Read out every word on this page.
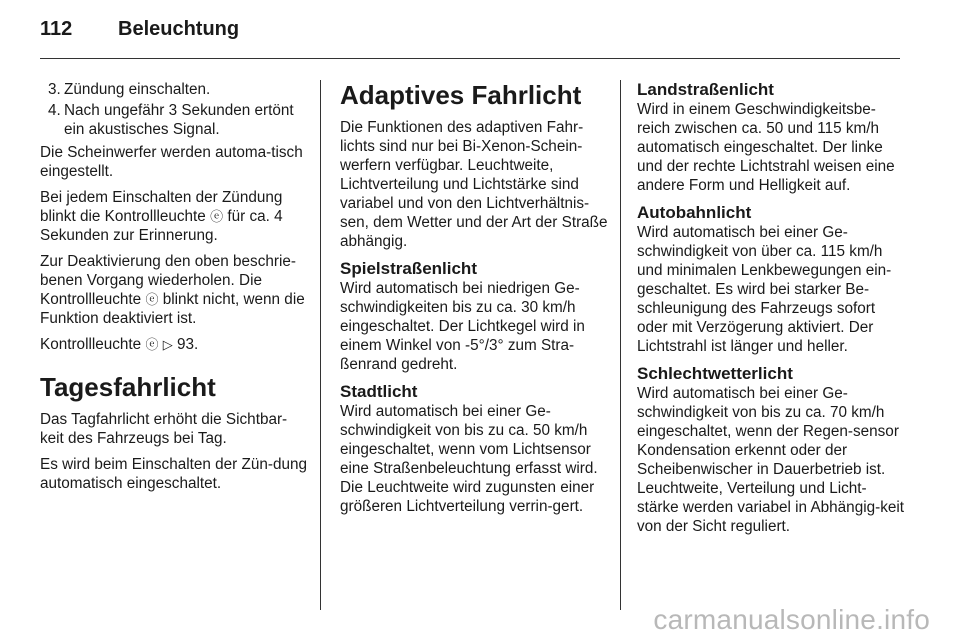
112 Beleuchtung
3. Zündung einschalten.
4. Nach ungefähr 3 Sekunden ertönt ein akustisches Signal.

Die Scheinwerfer werden automa-tisch eingestellt.

Bei jedem Einschalten der Zündung blinkt die Kontrollleuchte ⓔ für ca. 4 Sekunden zur Erinnerung.

Zur Deaktivierung den oben beschrie-benen Vorgang wiederholen. Die Kontrollleuchte ⓔ blinkt nicht, wenn die Funktion deaktiviert ist.

Kontrollleuchte ⓔ ▷ 93.

Tagesfahrlicht

Das Tagfahrlicht erhöht die Sichtbar-keit des Fahrzeugs bei Tag.

Es wird beim Einschalten der Zün-dung automatisch eingeschaltet.

Adaptives Fahrlicht

Die Funktionen des adaptiven Fahr-lichts sind nur bei Bi-Xenon-Schein-werfern verfügbar. Leuchtweite, Lichtverteilung und Lichtstärke sind variabel und von den Lichtverhältnis-sen, dem Wetter und der Art der Straße abhängig.

Spielstraßenlicht

Wird automatisch bei niedrigen Ge-schwindigkeiten bis zu ca. 30 km/h eingeschaltet. Der Lichtkegel wird in einem Winkel von -5°/3° zum Stra-ßenrand gedreht.

Stadtlicht

Wird automatisch bei einer Ge-schwindigkeit von bis zu ca. 50 km/h eingeschaltet, wenn vom Lichtsensor eine Straßenbeleuchtung erfasst wird. Die Leuchtweite wird zugunsten einer größeren Lichtverteilung verrin-gert.

Landstraßenlicht

Wird in einem Geschwindigkeitsbe-reich zwischen ca. 50 und 115 km/h automatisch eingeschaltet. Der linke und der rechte Lichtstrahl weisen eine andere Form und Helligkeit auf.

Autobahnlicht

Wird automatisch bei einer Ge-schwindigkeit von über ca. 115 km/h und minimalen Lenkbewegungen ein-geschaltet. Es wird bei starker Be-schleunigung des Fahrzeugs sofort oder mit Verzögerung aktiviert. Der Lichtstrahl ist länger und heller.

Schlechtwetterlicht

Wird automatisch bei einer Ge-schwindigkeit von bis zu ca. 70 km/h eingeschaltet, wenn der Regen-sensor Kondensation erkennt oder der Scheibenwischer in Dauerbetrieb ist. Leuchtweite, Verteilung und Licht-stärke werden variabel in Abhängig-keit von der Sicht reguliert.

carmanualsonline.info
